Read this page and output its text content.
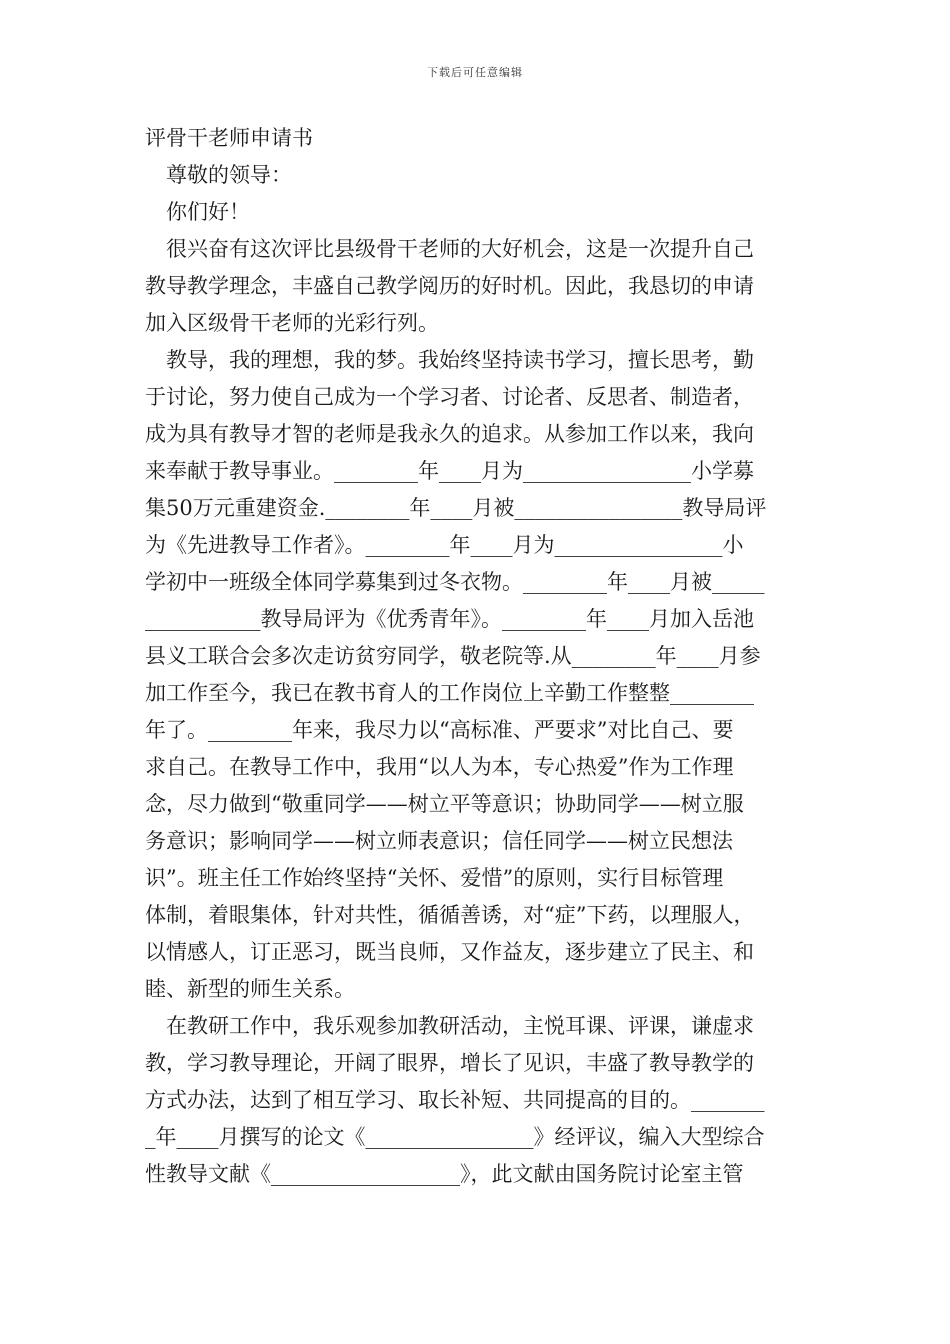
下载后可任意编辑

评骨干老师申请书

尊敬的领导：

你们好！

很兴奋有这次评比县级骨干老师的大好机会，这是一次提升自己

教导教学理念，丰盛自己教学阅历的好时机。因此，我恳切的申请

加入区级骨干老师的光彩行列。

教导，我的理想，我的梦。我始终坚持读书学习，擅长思考，勤

于讨论，努力使自己成为一个学习者、讨论者、反思者、制造者，

成为具有教导才智的老师是我永久的追求。从参加工作以来，我向

来奉献于教导事业。________年____月为________________小学募

集50万元重建资金.________年____月被________________教导局评

为《先进教导工作者》。________年____月为________________小

学初中一班级全体同学募集到过冬衣物。________年____月被_____

___________教导局评为《优秀青年》。________年____月加入岳池

县义工联合会多次走访贫穷同学，敬老院等.从________年____月参

加工作至今，我已在教书育人的工作岗位上辛勤工作整整________

年了。________年来，我尽力以“高标准、严要求”对比自己、要

求自己。在教导工作中，我用“以人为本，专心热爱”作为工作理

念，尽力做到“敬重同学——树立平等意识；协助同学——树立服

务意识；影响同学——树立师表意识；信任同学——树立民想法

识”。班主任工作始终坚持“关怀、爱惜”的原则，实行目标管理

体制，着眼集体，针对共性，循循善诱，对“症”下药，以理服人，

以情感人，订正恶习，既当良师，又作益友，逐步建立了民主、和

睦、新型的师生关系。

在教研工作中，我乐观参加教研活动，主悦耳课、评课，谦虚求

教，学习教导理论，开阔了眼界，增长了见识，丰盛了教导教学的

方式办法，达到了相互学习、取长补短、共同提高的目的。_______

_年____月撰写的论文《________________》经评议，编入大型综合

性教导文献《__________________》，此文献由国务院讨论室主管
